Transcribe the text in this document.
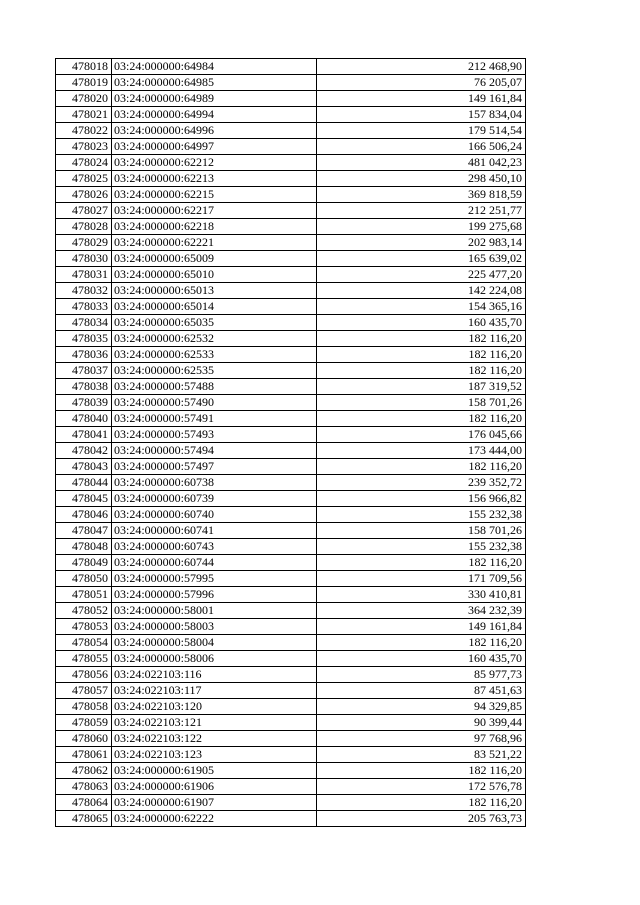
478018	03:24:000000:64984	212 468,90
478019	03:24:000000:64985	76 205,07
478020	03:24:000000:64989	149 161,84
478021	03:24:000000:64994	157 834,04
478022	03:24:000000:64996	179 514,54
478023	03:24:000000:64997	166 506,24
478024	03:24:000000:62212	481 042,23
478025	03:24:000000:62213	298 450,10
478026	03:24:000000:62215	369 818,59
478027	03:24:000000:62217	212 251,77
478028	03:24:000000:62218	199 275,68
478029	03:24:000000:62221	202 983,14
478030	03:24:000000:65009	165 639,02
478031	03:24:000000:65010	225 477,20
478032	03:24:000000:65013	142 224,08
478033	03:24:000000:65014	154 365,16
478034	03:24:000000:65035	160 435,70
478035	03:24:000000:62532	182 116,20
478036	03:24:000000:62533	182 116,20
478037	03:24:000000:62535	182 116,20
478038	03:24:000000:57488	187 319,52
478039	03:24:000000:57490	158 701,26
478040	03:24:000000:57491	182 116,20
478041	03:24:000000:57493	176 045,66
478042	03:24:000000:57494	173 444,00
478043	03:24:000000:57497	182 116,20
478044	03:24:000000:60738	239 352,72
478045	03:24:000000:60739	156 966,82
478046	03:24:000000:60740	155 232,38
478047	03:24:000000:60741	158 701,26
478048	03:24:000000:60743	155 232,38
478049	03:24:000000:60744	182 116,20
478050	03:24:000000:57995	171 709,56
478051	03:24:000000:57996	330 410,81
478052	03:24:000000:58001	364 232,39
478053	03:24:000000:58003	149 161,84
478054	03:24:000000:58004	182 116,20
478055	03:24:000000:58006	160 435,70
478056	03:24:022103:116	85 977,73
478057	03:24:022103:117	87 451,63
478058	03:24:022103:120	94 329,85
478059	03:24:022103:121	90 399,44
478060	03:24:022103:122	97 768,96
478061	03:24:022103:123	83 521,22
478062	03:24:000000:61905	182 116,20
478063	03:24:000000:61906	172 576,78
478064	03:24:000000:61907	182 116,20
478065	03:24:000000:62222	205 763,73
